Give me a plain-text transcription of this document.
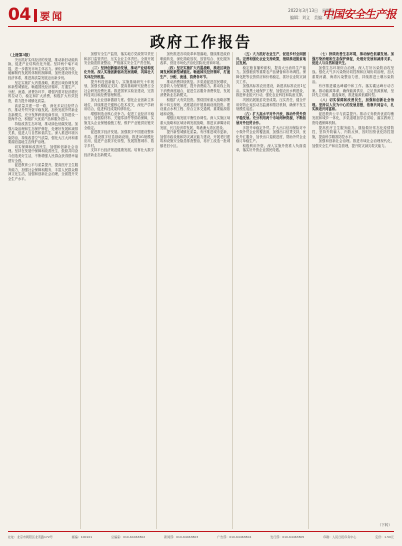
04 要闻
2022年3月13日　星期日
编辑：刘义　美编：吴玉
中国安全生产报
政府工作报告

（上接第3版）

突出抓好实体经济的发展，推动新旧动能转换，促进产业结构优化升级。坚持两个毫不动摇，进一步激发市场主体活力。深化改革开放，破解制约发展的体制机制障碍，加快建设现代化经济体系，推进高质量发展迈出新步伐。

坚定实施扩大内需战略，推进区域协调发展和新型城镇化。畅通国民经济循环，打通生产、分配、流通、消费各环节，增强内需对经济增长的拉动力，稳定和扩大消费，积极扩大有效投资，着力提升城镇化质量。

高质量共建一带一路，深化多双边经贸合作，推动外贸外资平稳发展。加快发展外贸新业态新模式，充分发挥跨境电商作用，支持建设一批海外仓，积极扩大优质产品和服务进口。

持续改善生态环境，推动绿色低碳发展。加强污染治理和生态保护修复，处理好发展和减排关系，促进人与自然和谐共生。深入推进环境污染防治，持续改善空气质量，强化大江大河和重要湖泊湿地生态保护治理。

切实保障和改善民生，加强和创新社会治理。坚持在发展中保障和改善民生，鼓励共同奋斗创造美好生活，不断增强人民群众获得感幸福感安全感。

促进教育公平与质量提升，提高医疗卫生服务能力，加强社会保障和服务，丰富人民群众精神文化生活，加强和创新社会治理，全面提升安全生产水平。

加强安全生产监管，落实地方党政领导责任和部门监管责任，压实企业主体责任。全面开展安全隐患排查整治，严格落实安全生产责任制。

（三）坚持创新驱动发展，推动产业结构优化升级。深入实施创新驱动发展战略，巩固壮大实体经济根基。

提升科技创新能力。实施基础研究十年规划，加强长期稳定支持，提高基础研究经费占全社会研发经费比重。推进国家实验室建设，完善科技项目和经费管理制度。

加大企业创新激励力度。强化企业创新主体地位，持续推进关键核心技术攻关，深化产学研用结合，促进科技成果转移转化。

增强制造业核心竞争力。促进工业经济平稳运行，加强原材料、关键零部件等供给保障，实施龙头企业保链稳链工程，维护产业链供应链安全稳定。

促进数字经济发展。加强数字中国建设整体布局，建设数字信息基础设施，推进5G规模化应用，促进产业数字化转型，发展智慧城市、数字乡村。

支持平台经济规范健康发展。培育壮大数字经济新业态新模式。

加快推进各项改革举措落地，继续推进政府职能转变，深化简政放权、放管结合、优化服务改革，营造市场化法治化国际化营商环境。

（四）坚定实施扩大内需战略，推进区域协调发展和新型城镇化。畅通国民经济循环，打通生产、分配、流通、消费各环节。

推动消费持续恢复。多渠道促进居民增收，完善收入分配制度，提升消费能力。推动线上线下消费深度融合，促进生活服务消费恢复，发展消费新业态新模式。

积极扩大有效投资。围绕国家重大战略部署和十四五规划，适度超前开展基础设施投资。建设重点水利工程、综合立体交通网、重要能源基地和设施。

增强区域发展平衡性协调性。深入实施区域重大战略和区域协调发展战略，推进京津冀协同发展、长江经济带发展、粤港澳大湾区建设。

提升新型城镇化质量。有序推进城市更新，加强市政设施和防灾减灾能力建设，开展老旧建筑和设施安全隐患排查整治，再开工改造一批城镇老旧小区。

（五）大力抓好农业生产，促进乡村全面振兴。完善和强化农业支持政策，接续推进脱贫地区发展。

稳定粮食播种面积，提高大豆油料生产能力。加强粮食等重要农产品储备和市场调控。保障化肥等农资供应和价格稳定，抓好农业防灾减灾工作。

加强高标准农田建设，新建高标准农田1亿亩。实施黑土地保护工程，加强农田水利建设，推进种业振兴行动，强化农业科技和装备支撑。

巩固拓展脱贫攻坚成果。压实责任，健全并用好防止返贫动态监测和帮扶机制，确保不发生规模性返贫。

（六）扩大高水平对外开放，推动外贸外资平稳发展。充分利用两个市场两种资源，不断拓展对外经贸合作。

多措并举稳定外贸。扩大出口信用保险对中小微外贸企业的覆盖面，加强出口信贷支持，优化外汇服务，加快出口退税进度，帮助外贸企业稳订单稳生产。

积极利用外资。深入实施外资准入负面清单，落实好外资企业国民待遇。

（七）持续改善生态环境，推动绿色低碳发展。加强污染治理和生态保护修复，处理好发展和减排关系，促进人与自然和谐共生。

加强生态环境综合治理。深入打好污染防治攻坚战。强化大气多污染物协同控制和区域协同治理，加大重要河湖、海湾污染整治力度，持续推进土壤污染防治。

有序推进碳达峰碳中和工作。落实碳达峰行动方案。推动能源革命，确保能源供应，立足资源禀赋，坚持先立后破、通盘谋划，推进能源低碳转型。

（八）切实保障和改善民生，加强和创新社会治理。坚持以人民为中心的发展思想，依靠共同奋斗，扎实推进共同富裕。

促进教育公平与质量提升。推动义务教育优质均衡发展和城乡一体化，多渠道增加学位供给，落实教师工资待遇保障机制。

提高医疗卫生服务能力。继续做好常态化疫情防控，坚持外防输入、内防反弹，因时因势优化防控措施，提高科学精准防控水平。

加强和创新社会治理。推进市域社会治理现代化，加强安全生产和应急管理，提升防灾减灾救灾能力。

（下转）
社址：北京市朝阳区北苑路172号	邮编：100101	总编室：010-64463802	新闻部：010-64463803	广告部：010-64463804	发行部：010-64463805	印刷：人民日报印务中心	定价：1.50元
